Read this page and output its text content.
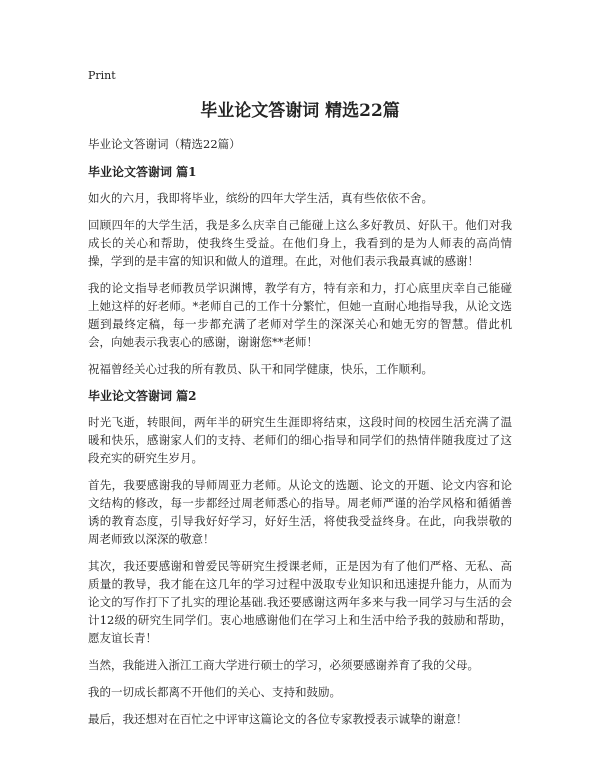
Print
毕业论文答谢词 精选22篇
毕业论文答谢词（精选22篇）
毕业论文答谢词 篇1

如火的六月，我即将毕业，缤纷的四年大学生活，真有些依依不舍。

回顾四年的大学生活，我是多么庆幸自己能碰上这么多好教员、好队干。他们对我成长的关心和帮助，使我终生受益。在他们身上，我看到的是为人师表的高尚情操，学到的是丰富的知识和做人的道理。在此，对他们表示我最真诚的感谢！

我的论文指导老师教员学识渊博，教学有方，特有亲和力，打心底里庆幸自己能碰上她这样的好老师。*老师自己的工作十分繁忙，但她一直耐心地指导我，从论文选题到最终定稿，每一步都充满了老师对学生的深深关心和她无穷的智慧。借此机会，向她表示我衷心的感谢，谢谢您**老师！

祝福曾经关心过我的所有教员、队干和同学健康，快乐，工作顺利。

毕业论文答谢词 篇2

时光飞逝，转眼间，两年半的研究生生涯即将结束，这段时间的校园生活充满了温暖和快乐，感谢家人们的支持、老师们的细心指导和同学们的热情伴随我度过了这段充实的研究生岁月。

首先，我要感谢我的导师周亚力老师。从论文的选题、论文的开题、论文内容和论文结构的修改，每一步都经过周老师悉心的指导。周老师严谨的治学风格和循循善诱的教育态度，引导我好好学习，好好生活，将使我受益终身。在此，向我崇敬的周老师致以深深的敬意！

其次，我还要感谢和曾爱民等研究生授课老师，正是因为有了他们严格、无私、高质量的教导，我才能在这几年的学习过程中汲取专业知识和迅速提升能力，从而为论文的写作打下了扎实的理论基础.我还要感谢这两年多来与我一同学习与生活的会计12级的研究生同学们。衷心地感谢他们在学习上和生活中给予我的鼓励和帮助，愿友谊长青！

当然，我能进入浙江工商大学进行硕士的学习，必须要感谢养育了我的父母。

我的一切成长都离不开他们的关心、支持和鼓励。

最后，我还想对在百忙之中评审这篇论文的各位专家教授表示诚挚的谢意！
